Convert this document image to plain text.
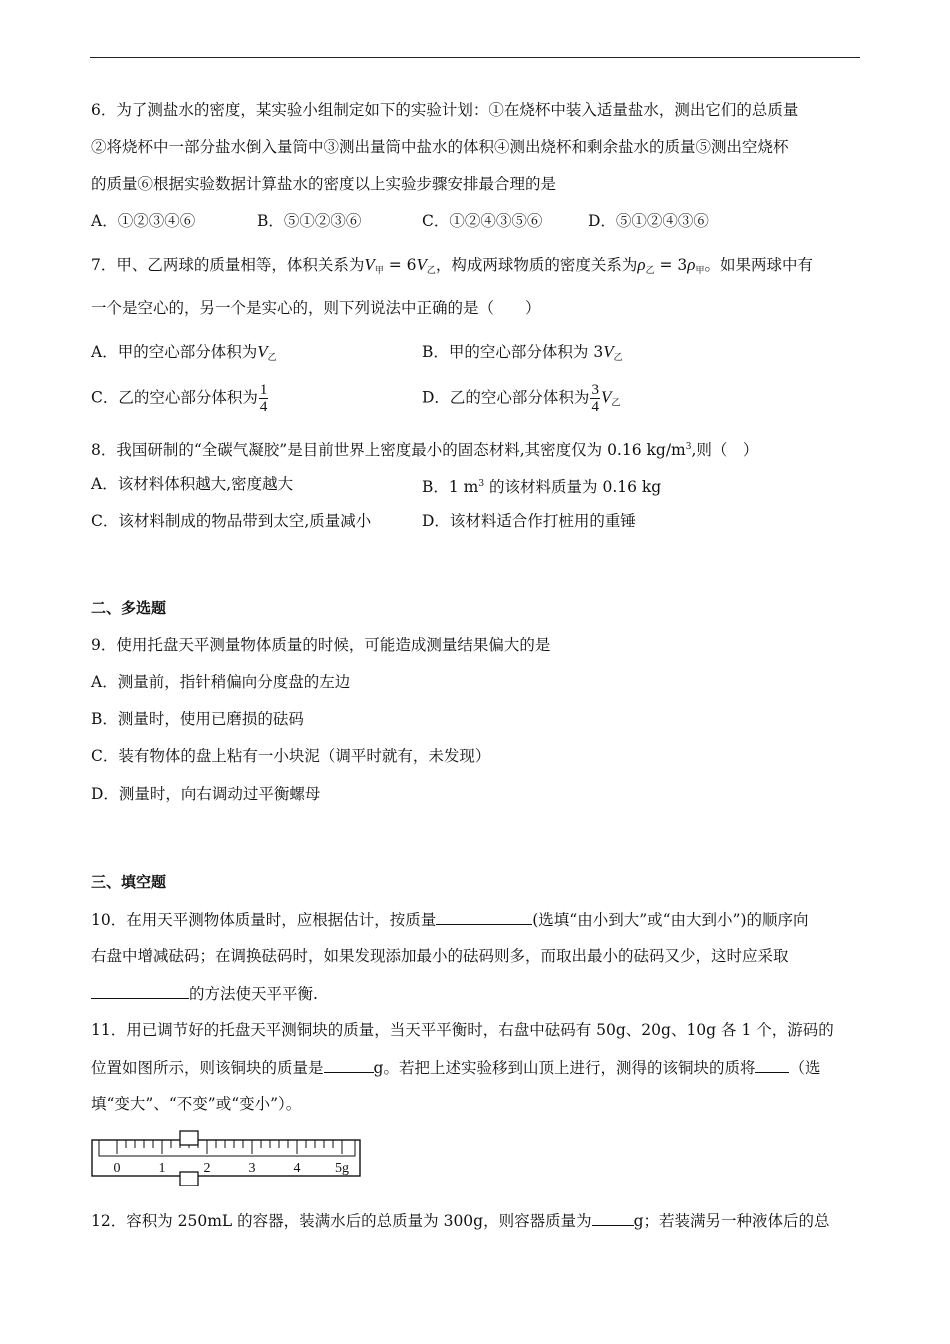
6．为了测盐水的密度，某实验小组制定如下的实验计划：①在烧杯中装入适量盐水，测出它们的总质量
②将烧杯中一部分盐水倒入量筒中③测出量筒中盐水的体积④测出烧杯和剩余盐水的质量⑤测出空烧杯
的质量⑥根据实验数据计算盐水的密度以上实验步骤安排最合理的是
A．①②③④⑥	B．⑤①②③⑥	C．①②④③⑤⑥	D．⑤①②④③⑥
7．甲、乙两球的质量相等，体积关系为$V_甲 = 6V_乙$，构成两球物质的密度关系为$\rho_乙 = 3\rho_甲$。如果两球中有
一个是空心的，另一个是实心的，则下列说法中正确的是（　　）
A．甲的空心部分体积为$V_乙$	B．甲的空心部分体积为 $3V_乙$
C．乙的空心部分体积为 $\frac{1}{4}$	D．乙的空心部分体积为 $\frac{3}{4} V_乙$
8．我国研制的“全碳气凝胶”是目前世界上密度最小的固态材料,其密度仅为 0.16 $kg/m^3$,则（　）
A．该材料体积越大,密度越大	B．1 $m^3$ 的该材料质量为 0.16 kg
C．该材料制成的物品带到太空,质量减小	D．该材料适合作打桩用的重锤
二、多选题
9．使用托盘天平测量物体质量的时候，可能造成测量结果偏大的是
A．测量前，指针稍偏向分度盘的左边
B．测量时，使用已磨损的砝码
C．装有物体的盘上粘有一小块泥（调平时就有，未发现）
D．测量时，向右调动过平衡螺母
三、填空题
10．在用天平测物体质量时，应根据估计，按质量	(选填“由小到大”或“由大到小”)的顺序向
右盘中增减砝码；在调换砝码时，如果发现添加最小的砝码则多，而取出最小的砝码又少，这时应采取
的方法使天平平衡.
11．用已调节好的托盘天平测铜块的质量，当天平平衡时，右盘中砝码有 50g、20g、10g 各 1 个，游码的
位置如图所示，则该铜块的质量是	g。若把上述实验移到山顶上进行，测得的该铜块的质将 （选
填“变大”、“不变”或“变小”）。
0	1	2	3	4 5g
12．容积为 250mL 的容器，装满水后的总质量为 300g，则容器质量为	g；若装满另一种液体后的总
